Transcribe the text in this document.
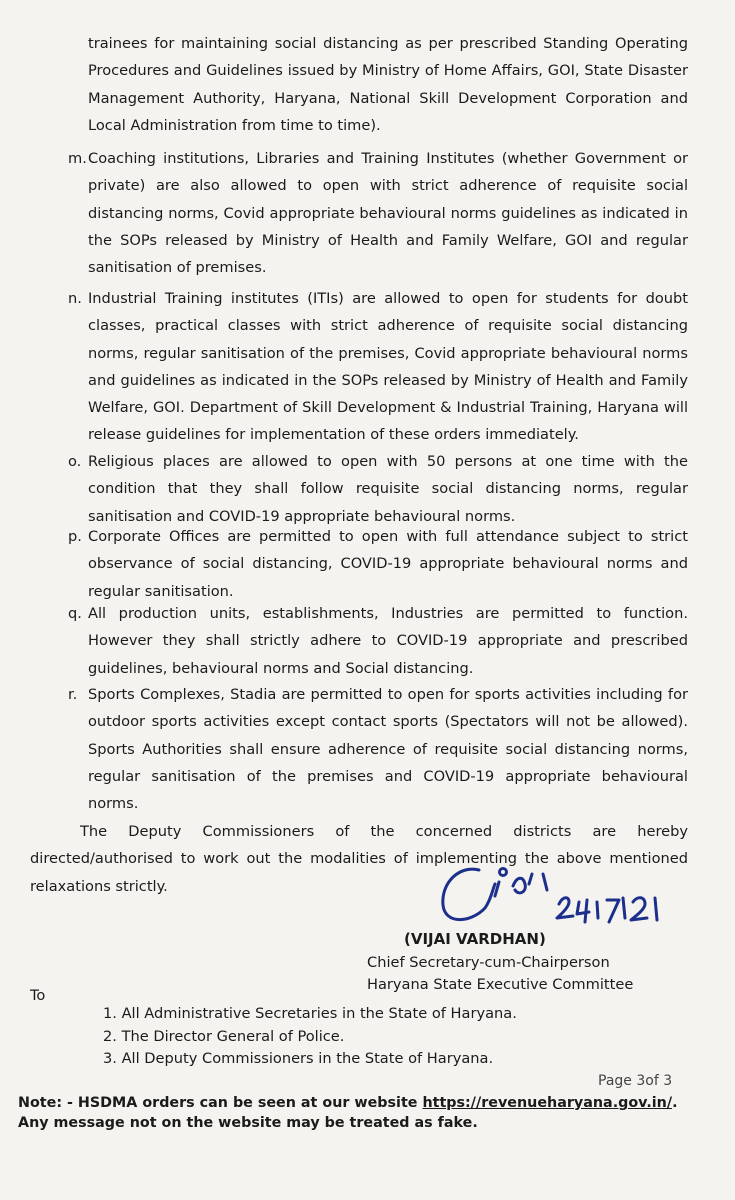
trainees for maintaining social distancing as per prescribed Standing Operating Procedures and Guidelines issued by Ministry of Home Affairs, GOI, State Disaster Management Authority, Haryana, National Skill Development Corporation and Local Administration from time to time).
m. Coaching institutions, Libraries and Training Institutes (whether Government or private) are also allowed to open with strict adherence of requisite social distancing norms, Covid appropriate behavioural norms guidelines as indicated in the SOPs released by Ministry of Health and Family Welfare, GOI and regular sanitisation of premises.
n. Industrial Training institutes (ITIs) are allowed to open for students for doubt classes, practical classes with strict adherence of requisite social distancing norms, regular sanitisation of the premises, Covid appropriate behavioural norms and guidelines as indicated in the SOPs released by Ministry of Health and Family Welfare, GOI. Department of Skill Development & Industrial Training, Haryana will release guidelines for implementation of these orders immediately.
o. Religious places are allowed to open with 50 persons at one time with the condition that they shall follow requisite social distancing norms, regular sanitisation and COVID-19 appropriate behavioural norms.
p. Corporate Offices are permitted to open with full attendance subject to strict observance of social distancing, COVID-19 appropriate behavioural norms and regular sanitisation.
q. All production units, establishments, Industries are permitted to function. However they shall strictly adhere to COVID-19 appropriate and prescribed guidelines, behavioural norms and Social distancing.
r. Sports Complexes, Stadia are permitted to open for sports activities including for outdoor sports activities except contact sports (Spectators will not be allowed). Sports Authorities shall ensure adherence of requisite social distancing norms, regular sanitisation of the premises and COVID-19 appropriate behavioural norms.
The Deputy Commissioners of the concerned districts are hereby directed/authorised to work out the modalities of implementing the above mentioned relaxations strictly.
(VIJAI VARDHAN)
Chief Secretary-cum-Chairperson
Haryana State Executive Committee
To
1. All Administrative Secretaries in the State of Haryana.
2. The Director General of Police.
3. All Deputy Commissioners in the State of Haryana.
Page 3of 3
Note: - HSDMA orders can be seen at our website https://revenueharyana.gov.in/. Any message not on the website may be treated as fake.
